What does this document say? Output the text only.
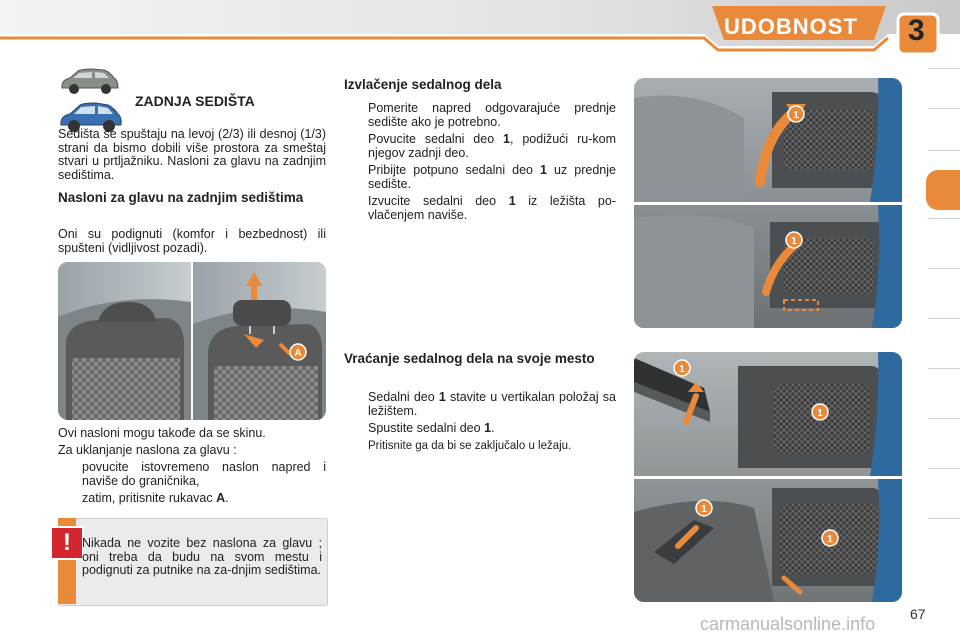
UDOBNOST 3
ZADNJA SEDIŠTA

Sedišta se spuštaju na levoj (2/3) ili desnoj (1/3) strani da bismo dobili više prostora za smeštaj stvari u prtljažniku. Nasloni za glavu na zadnjim sedištima.

Nasloni za glavu na zadnjim sedištima

Oni su podignuti (komfor i bezbednost) ili spušteni (vidljivost pozadi).

A

Ovi nasloni mogu takođe da se skinu.

Za uklanjanje naslona za glavu :

povucite istovremeno naslon napred i naviše do graničnika,
zatim, pritisnite rukavac A.
! Nikada ne vozite bez naslona za glavu ; oni treba da budu na svom mestu i podignuti za putnike na za-dnjim sedištima.

Izvlačenje sedalnog dela
Pomerite napred odgovarajuće prednje sedište ako je potrebno.
Povucite sedalni deo 1, podižući ru-kom njegov zadnji deo.
Pribijte potpuno sedalni deo 1 uz prednje sedište.
Izvucite sedalni deo 1 iz ležišta po-vlačenjem naviše.
Vraćanje sedalnog dela na svoje mesto
Sedalni deo 1 stavite u vertikalan položaj sa ležištem.
Spustite sedalni deo 1.
Pritisnite ga da bi se zaključalo u ležaju.
1
1
1
1
1
1
carmanualsonline.info 67
